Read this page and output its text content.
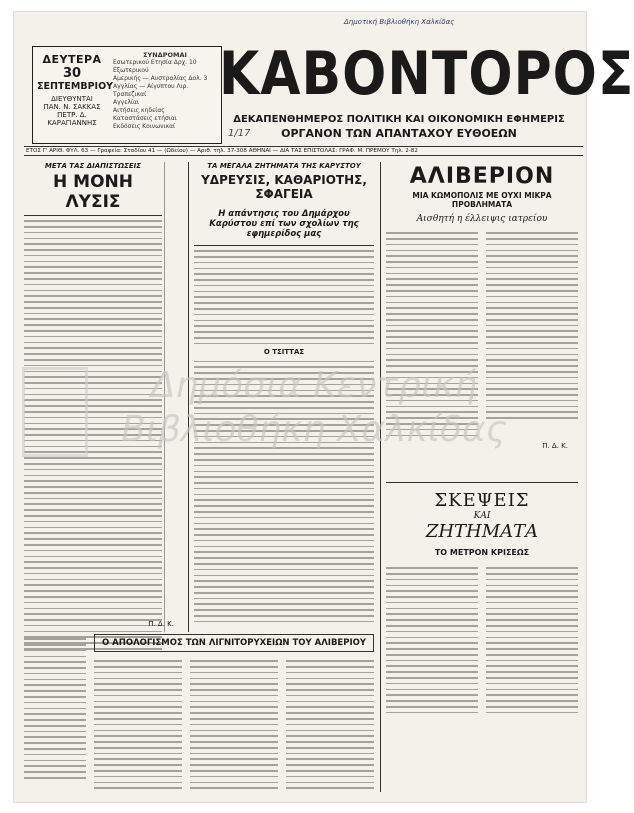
ΔΕΥΤΕΡΑ
30
ΣΕΠΤΕΜΒΡΙΟΥ
ΔΙΕΥΘΥΝΤΑΙ
ΠΑΝ. Ν. ΣΑΚΚΑΣ
ΠΕΤΡ. Δ. ΚΑΡΑΓΙΑΝΝΗΣ
ΣΥΝΔΡΟΜΑΙ
Εσωτερικού Ετησία Δρχ. 10
Εξωτερικού
Αμερικής — Αυστραλίας Δολ. 3
Αγγλίας — Αίγυπτου Λιρ.
Τραπεζικαί
Αγγελίαι
Αιτήσεις κηδείας
Καταστάσεις ετήσιαι
Εκδόσεις Κοινωνικαί
Δημοτική Βιβλιοθήκη Χαλκίδας
ΚΑΒΟΝΤΟΡΟΣ
ΔΕΚΑΠΕΝΘΗΜΕΡΟΣ ΠΟΛΙΤΙΚΗ ΚΑΙ ΟΙΚΟΝΟΜΙΚΗ ΕΦΗΜΕΡΙΣ
ΟΡΓΑΝΟΝ ΤΩΝ ΑΠΑΝΤΑΧΟΥ ΕΥΘΟΕΩΝ
1/17
ΕΤΟΣ Γ' ΑΡΙΘ. ΦΥΛ. 63 — Γραφεία: Σταδίου 41 — (Ωδείου) — Αριθ. τηλ. 37-308 ΑΘΗΝΑΙ — ΔΙΑ ΤΑΣ ΕΠΙΣΤΟΛΑΣ: ΓΡΑΦ. Μ. ΠΡΕΜΟΥ Τηλ. 2-82
ΜΕΤΑ ΤΑΣ ΔΙΑΠΙΣΤΩΣΕΙΣ
Η ΜΟΝΗ ΛΥΣΙΣ
ΤΑ ΜΕΓΑΛΑ ΖΗΤΗΜΑΤΑ ΤΗΣ ΚΑΡΥΣΤΟΥ
ΥΔΡΕΥΣΙΣ, ΚΑΘΑΡΙΟΤΗΣ, ΣΦΑΓΕΙΑ
Η απάντησις του Δημάρχου Καρύστου επί των σχολίων της εφημερίδος μας
Ο ΤΣΙΤΤΑΣ
Ο ΑΠΟΛΟΓΙΣΜΟΣ ΤΩΝ ΛΙΓΝΙΤΟΡΥΧΕΙΩΝ ΤΟΥ ΑΛΙΒΕΡΙΟΥ
Π. Δ. Κ.
ΑΛΙΒΕΡΙΟΝ
ΜΙΑ ΚΩΜΟΠΟΛΙΣ ΜΕ ΟΥΧΙ ΜΙΚΡΑ ΠΡΟΒΛΗΜΑΤΑ
Αισθητή η έλλειψις ιατρείου
Π. Δ. Κ.
ΣΚΕΨΕΙΣ
ΚΑΙ
ΖΗΤΗΜΑΤΑ
ΤΟ ΜΕΤΡΟΝ ΚΡΙΣΕΩΣ
Δημόσια Κεντρική
Βιβλιοθήκη Χαλκίδας
